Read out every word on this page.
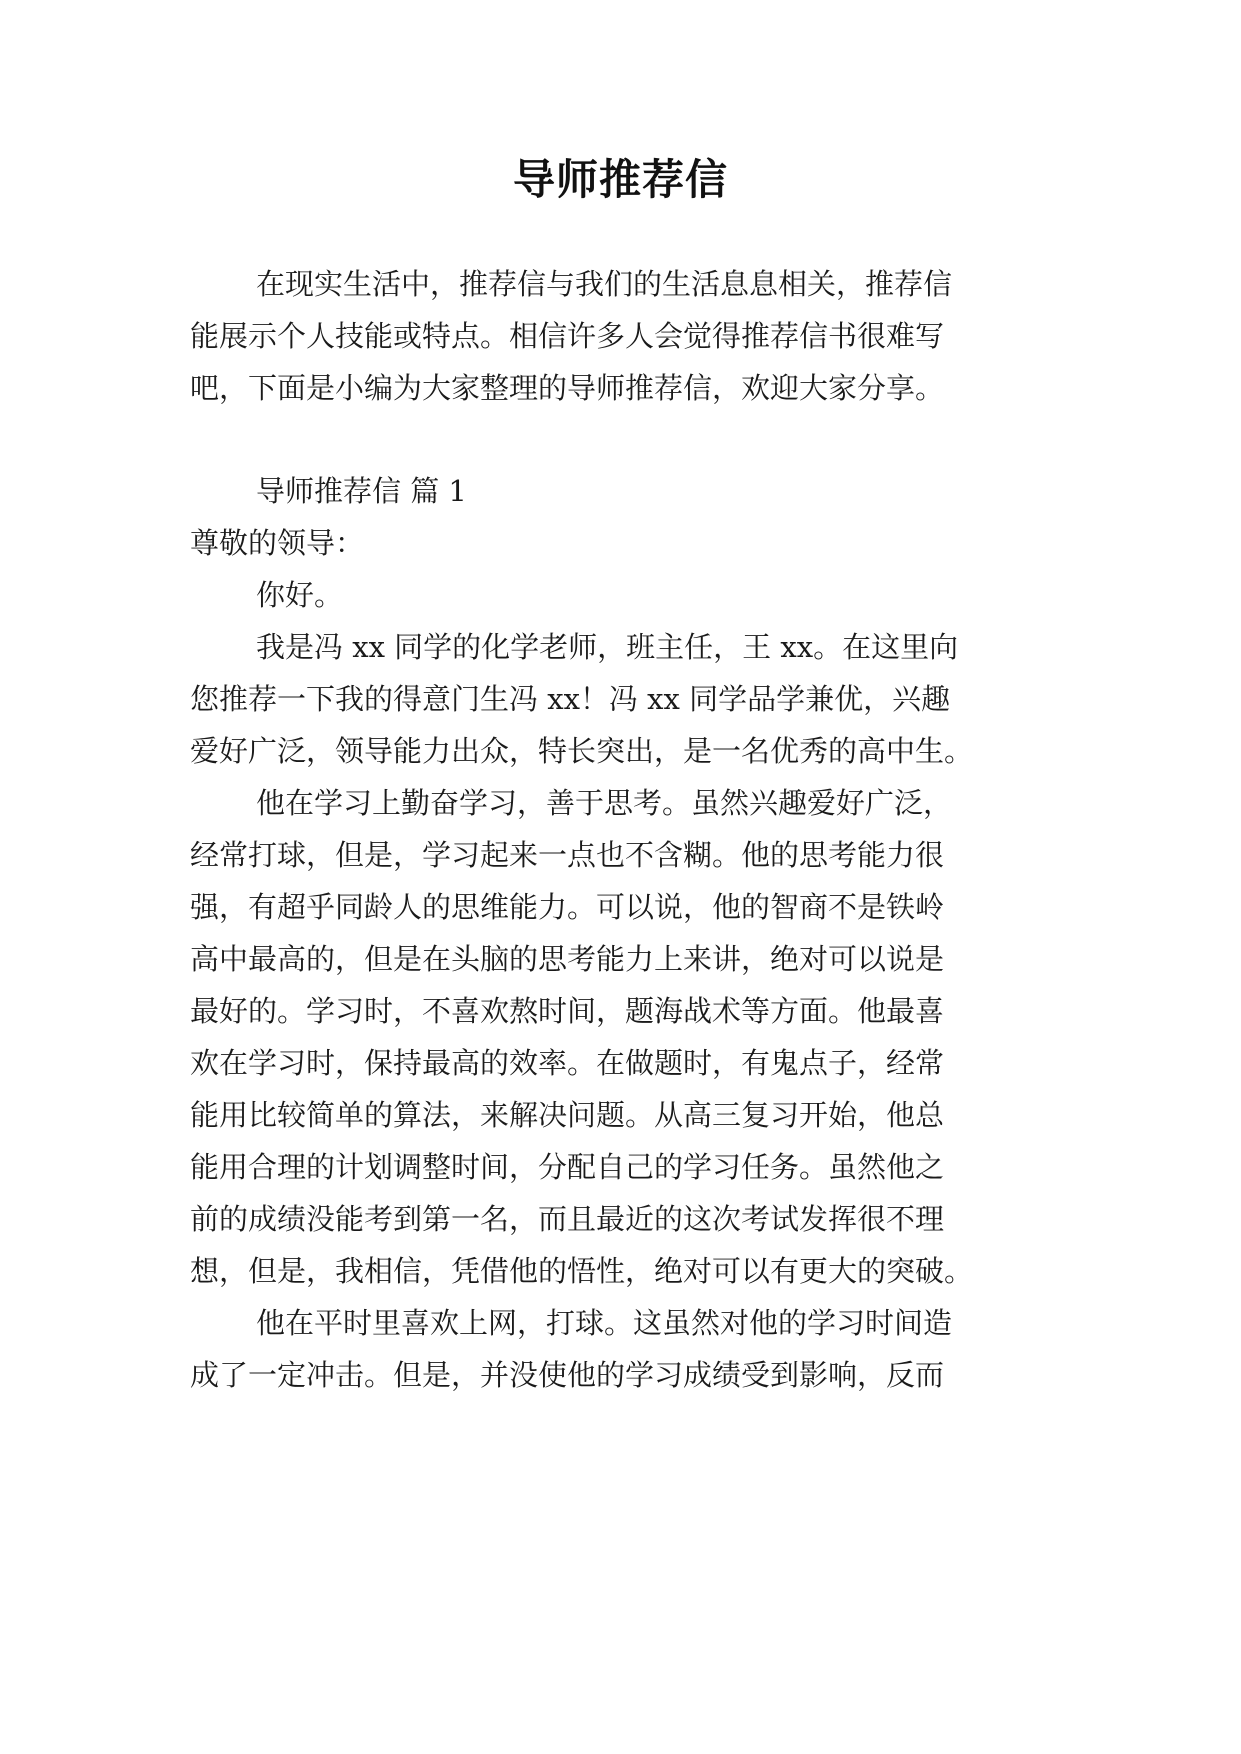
导师推荐信
在现实生活中，推荐信与我们的生活息息相关，推荐信
能展示个人技能或特点。相信许多人会觉得推荐信书很难写
吧，下面是小编为大家整理的导师推荐信，欢迎大家分享。
导师推荐信 篇 1
尊敬的领导：
你好。
我是冯 xx 同学的化学老师，班主任，王 xx。在这里向
您推荐一下我的得意门生冯 xx！冯 xx 同学品学兼优，兴趣
爱好广泛，领导能力出众，特长突出，是一名优秀的高中生。
他在学习上勤奋学习，善于思考。虽然兴趣爱好广泛，
经常打球，但是，学习起来一点也不含糊。他的思考能力很
强，有超乎同龄人的思维能力。可以说，他的智商不是铁岭
高中最高的，但是在头脑的思考能力上来讲，绝对可以说是
最好的。学习时，不喜欢熬时间，题海战术等方面。他最喜
欢在学习时，保持最高的效率。在做题时，有鬼点子，经常
能用比较简单的算法，来解决问题。从高三复习开始，他总
能用合理的计划调整时间，分配自己的学习任务。虽然他之
前的成绩没能考到第一名，而且最近的这次考试发挥很不理
想，但是，我相信，凭借他的悟性，绝对可以有更大的突破。
他在平时里喜欢上网，打球。这虽然对他的学习时间造
成了一定冲击。但是，并没使他的学习成绩受到影响，反而
